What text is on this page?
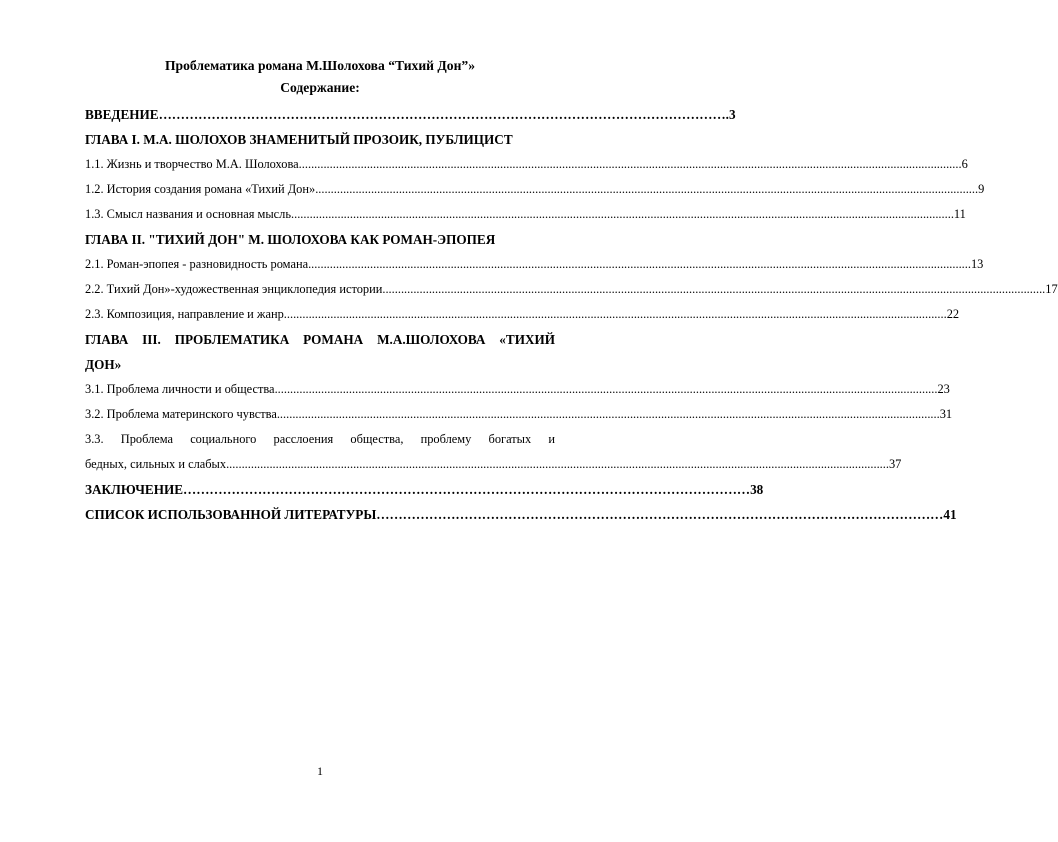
Проблематика романа М.Шолохова “Тихий Дон”»
Содержание:
ВВЕДЕНИЕ …………………………………………………………………………………………………………………	.3
ГЛАВА I. М.А. ШОЛОХОВ ЗНАМЕНИТЫЙ ПРОЗОИК, ПУБЛИЦИСТ
1.1. Жизнь и творчество М.А. Шолохова .....	6
1.2. История создания романа «Тихий Дон» .....	9
1.3. Смысл названия и основная мысль .....	11
ГЛАВА II. "ТИХИЙ ДОН" М. ШОЛОХОВА КАК РОМАН-ЭПОПЕЯ
2.1. Роман-эпопея - разновидность романа .....	13
2.2. Тихий Дон»-художественная энциклопедия истории .....	17
2.3. Композиция, направление и жанр .....	22
ГЛАВА III. ПРОБЛЕМАТИКА РОМАНА М.А.ШОЛОХОВА «ТИХИЙ
ДОН»
3.1. Проблема личности и общества .....	23
3.2. Проблема материнского чувства .....	31
3.3. Проблема социального расслоения общества, проблему богатых и
бедных, сильных и слабых .....	37
ЗАКЛЮЧЕНИЕ …………………………………………………………………………………………………………………	38
СПИСОК ИСПОЛЬЗОВАННОЙ ЛИТЕРАТУРЫ …………………………………………………………………………………………………………………	41
1
